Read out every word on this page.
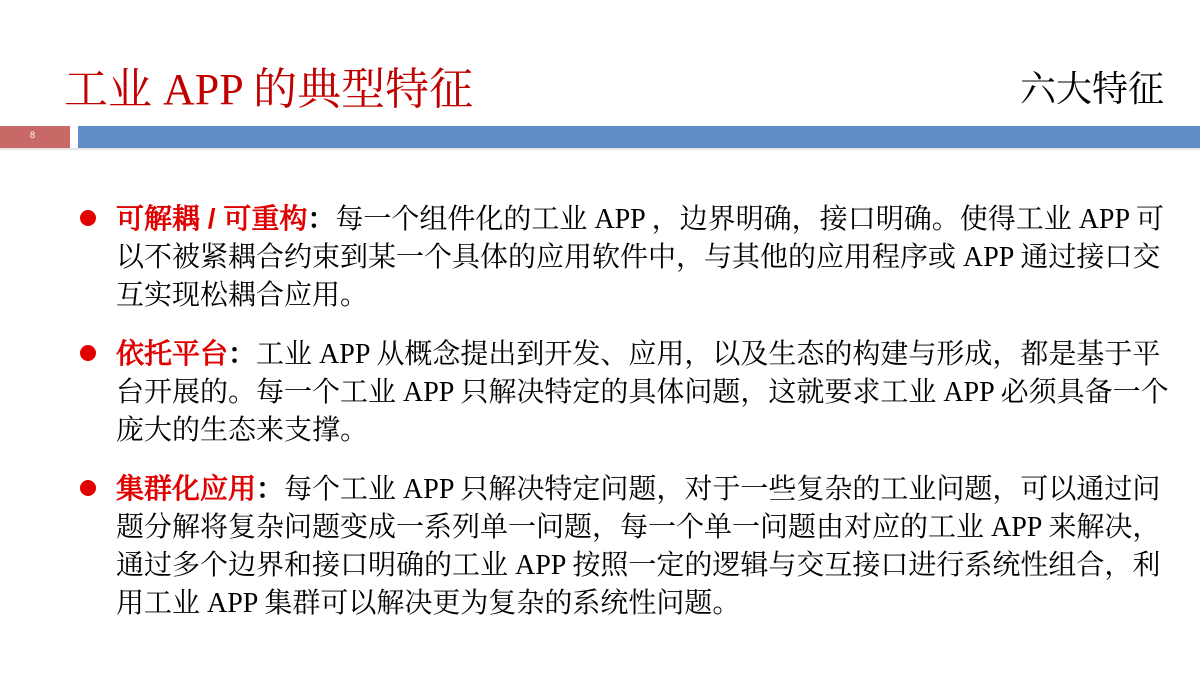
工业 APP 的典型特征	六大特征
8
可解耦 / 可重构：每一个组件化的工业 APP ，边界明确，接口明确。使得工业 APP 可以不被紧耦合约束到某一个具体的应用软件中，与其他的应用程序或 APP 通过接口交互实现松耦合应用。
依托平台：工业 APP 从概念提出到开发、应用，以及生态的构建与形成，都是基于平台开展的。每一个工业 APP 只解决特定的具体问题，这就要求工业 APP 必须具备一个庞大的生态来支撑。
集群化应用：每个工业 APP 只解决特定问题，对于一些复杂的工业问题，可以通过问题分解将复杂问题变成一系列单一问题，每一个单一问题由对应的工业 APP 来解决，通过多个边界和接口明确的工业 APP 按照一定的逻辑与交互接口进行系统性组合，利用工业 APP 集群可以解决更为复杂的系统性问题。
